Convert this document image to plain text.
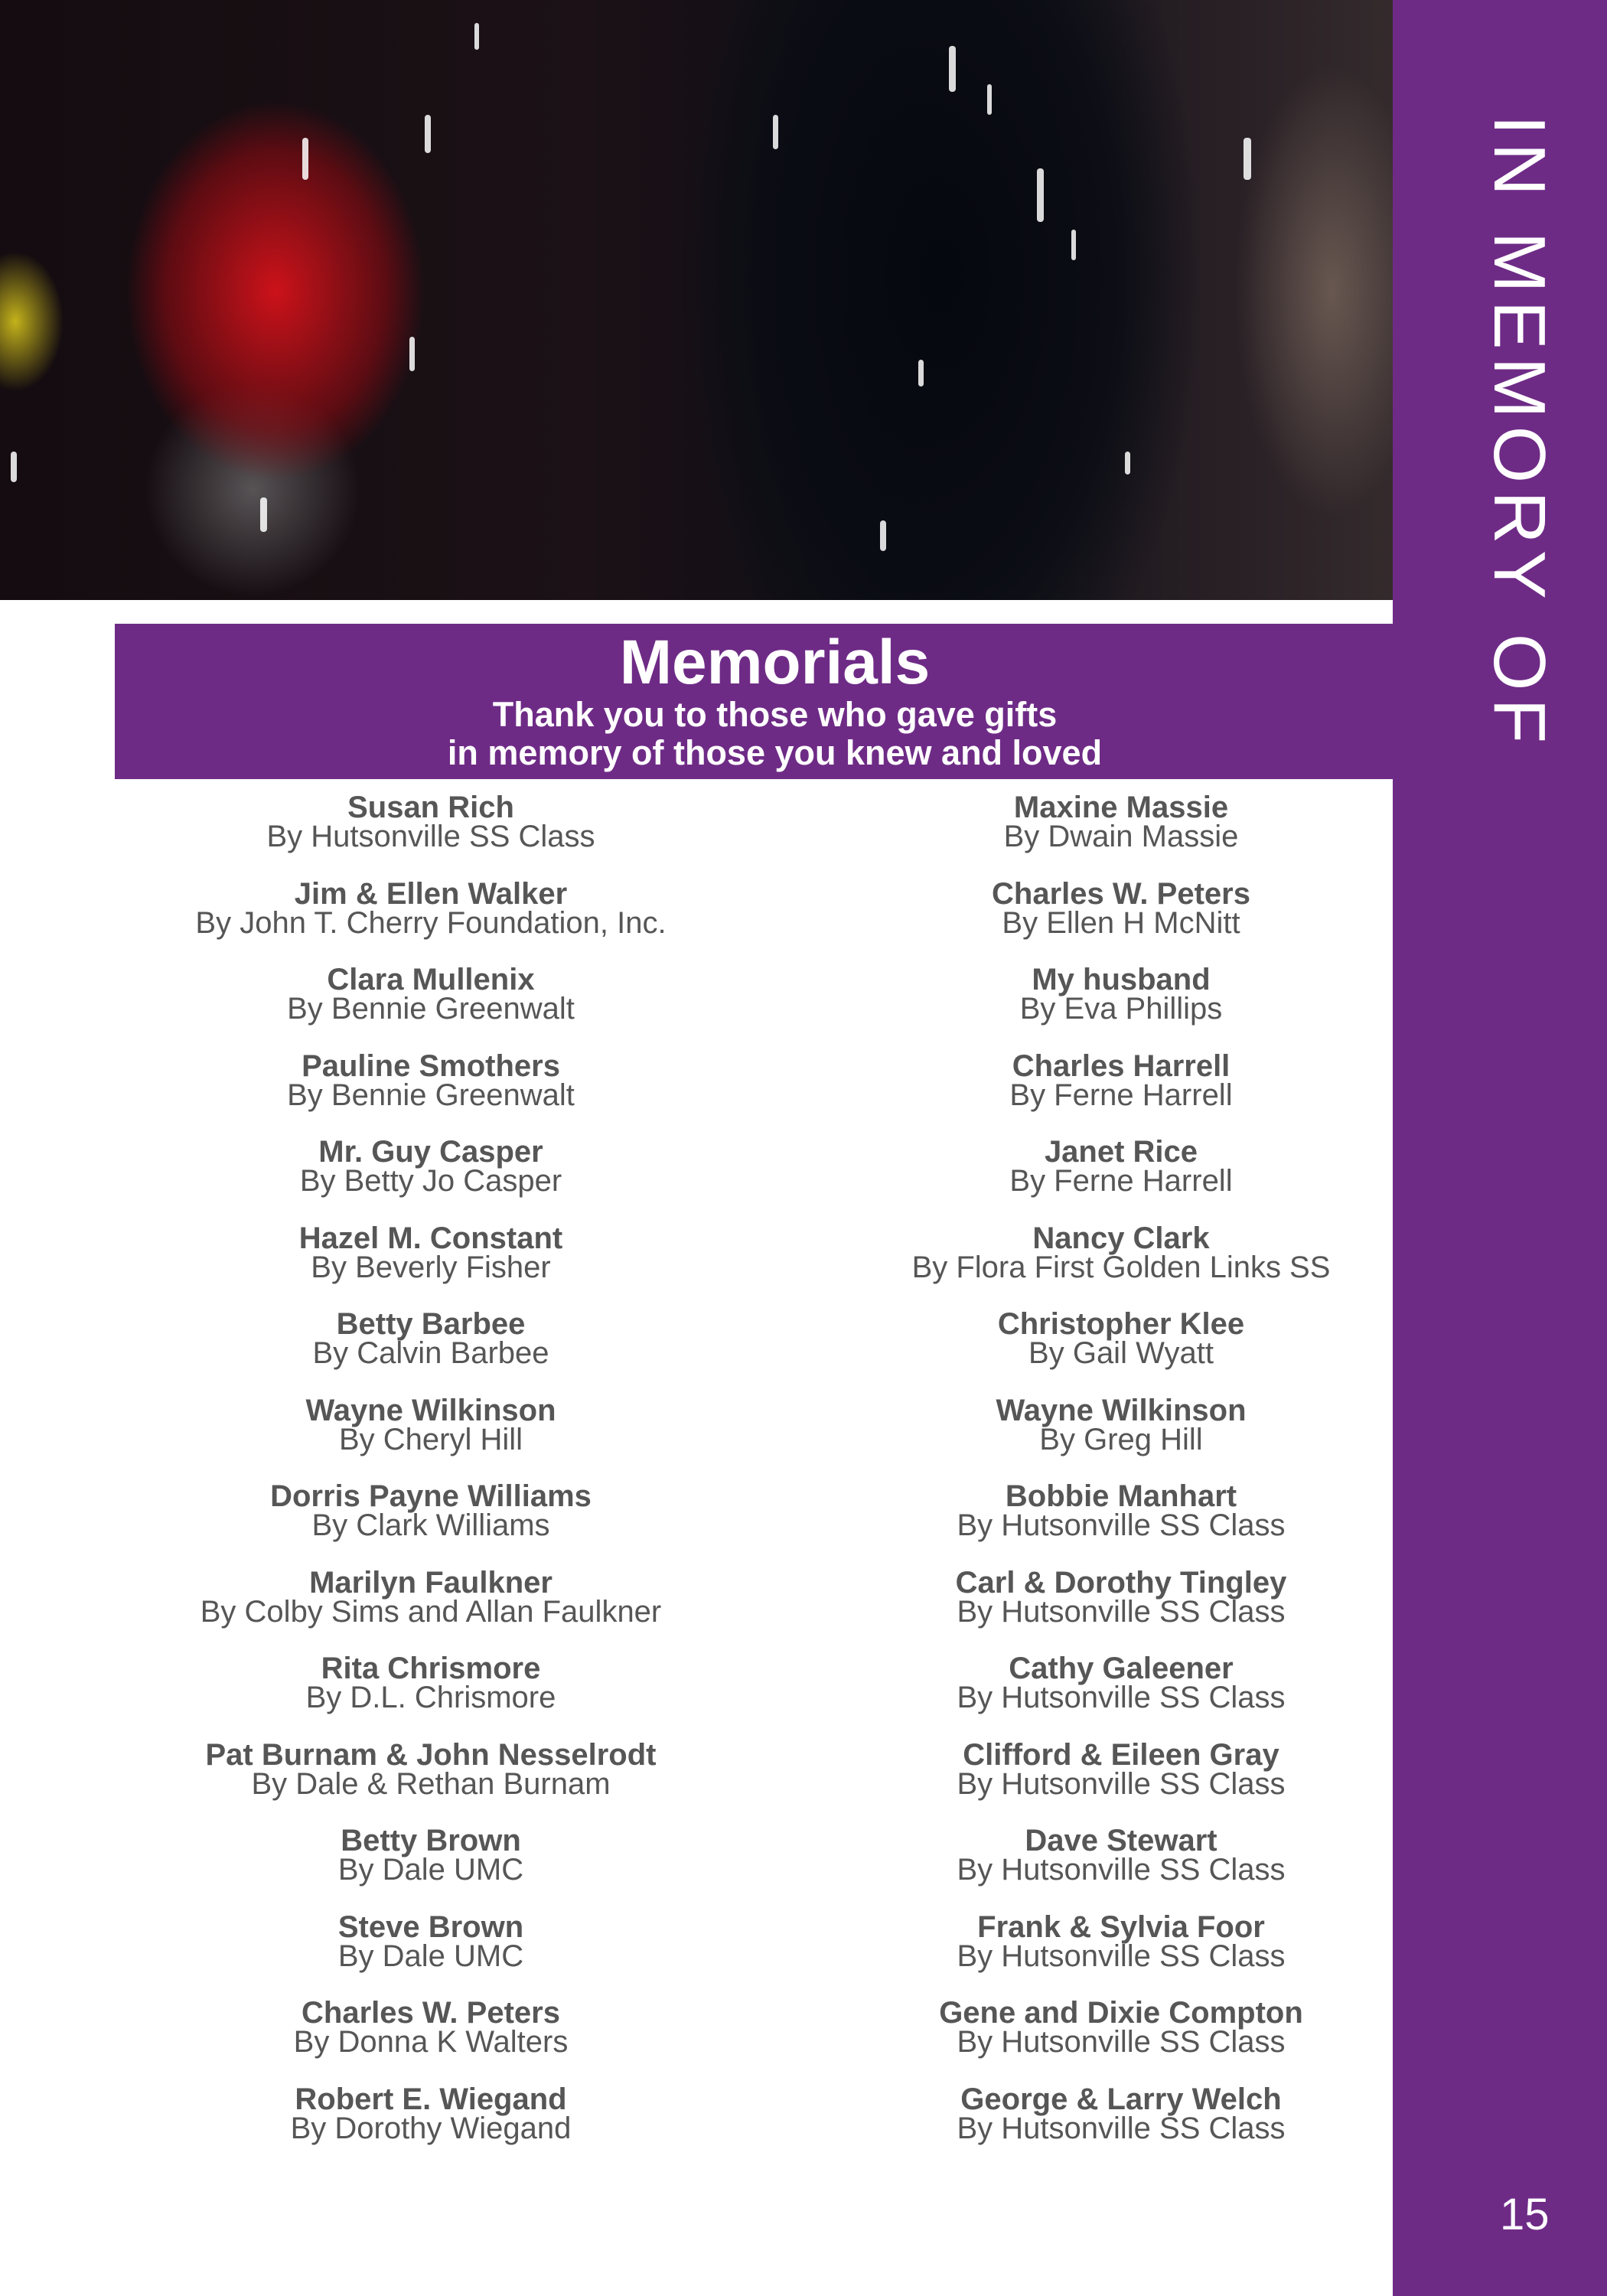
IN MEMORY OF
15
Memorials
Thank you to those who gave gifts
in memory of those you knew and loved
Susan Rich
By Hutsonville SS Class
Jim & Ellen Walker
By John T. Cherry Foundation, Inc.
Clara Mullenix
By Bennie Greenwalt
Pauline Smothers
By Bennie Greenwalt
Mr. Guy Casper
By Betty Jo Casper
Hazel M. Constant
By Beverly Fisher
Betty Barbee
By Calvin Barbee
Wayne Wilkinson
By Cheryl Hill
Dorris Payne Williams
By Clark Williams
Marilyn Faulkner
By Colby Sims and Allan Faulkner
Rita Chrismore
By D.L. Chrismore
Pat Burnam & John Nesselrodt
By Dale & Rethan Burnam
Betty Brown
By Dale UMC
Steve Brown
By Dale UMC
Charles W. Peters
By Donna K Walters
Robert E. Wiegand
By Dorothy Wiegand
Maxine Massie
By Dwain Massie
Charles W. Peters
By Ellen H McNitt
My husband
By Eva Phillips
Charles Harrell
By Ferne Harrell
Janet Rice
By Ferne Harrell
Nancy Clark
By Flora First Golden Links SS
Christopher Klee
By Gail Wyatt
Wayne Wilkinson
By Greg Hill
Bobbie Manhart
By Hutsonville SS Class
Carl & Dorothy Tingley
By Hutsonville SS Class
Cathy Galeener
By Hutsonville SS Class
Clifford & Eileen Gray
By Hutsonville SS Class
Dave Stewart
By Hutsonville SS Class
Frank & Sylvia Foor
By Hutsonville SS Class
Gene and Dixie Compton
By Hutsonville SS Class
George & Larry Welch
By Hutsonville SS Class
